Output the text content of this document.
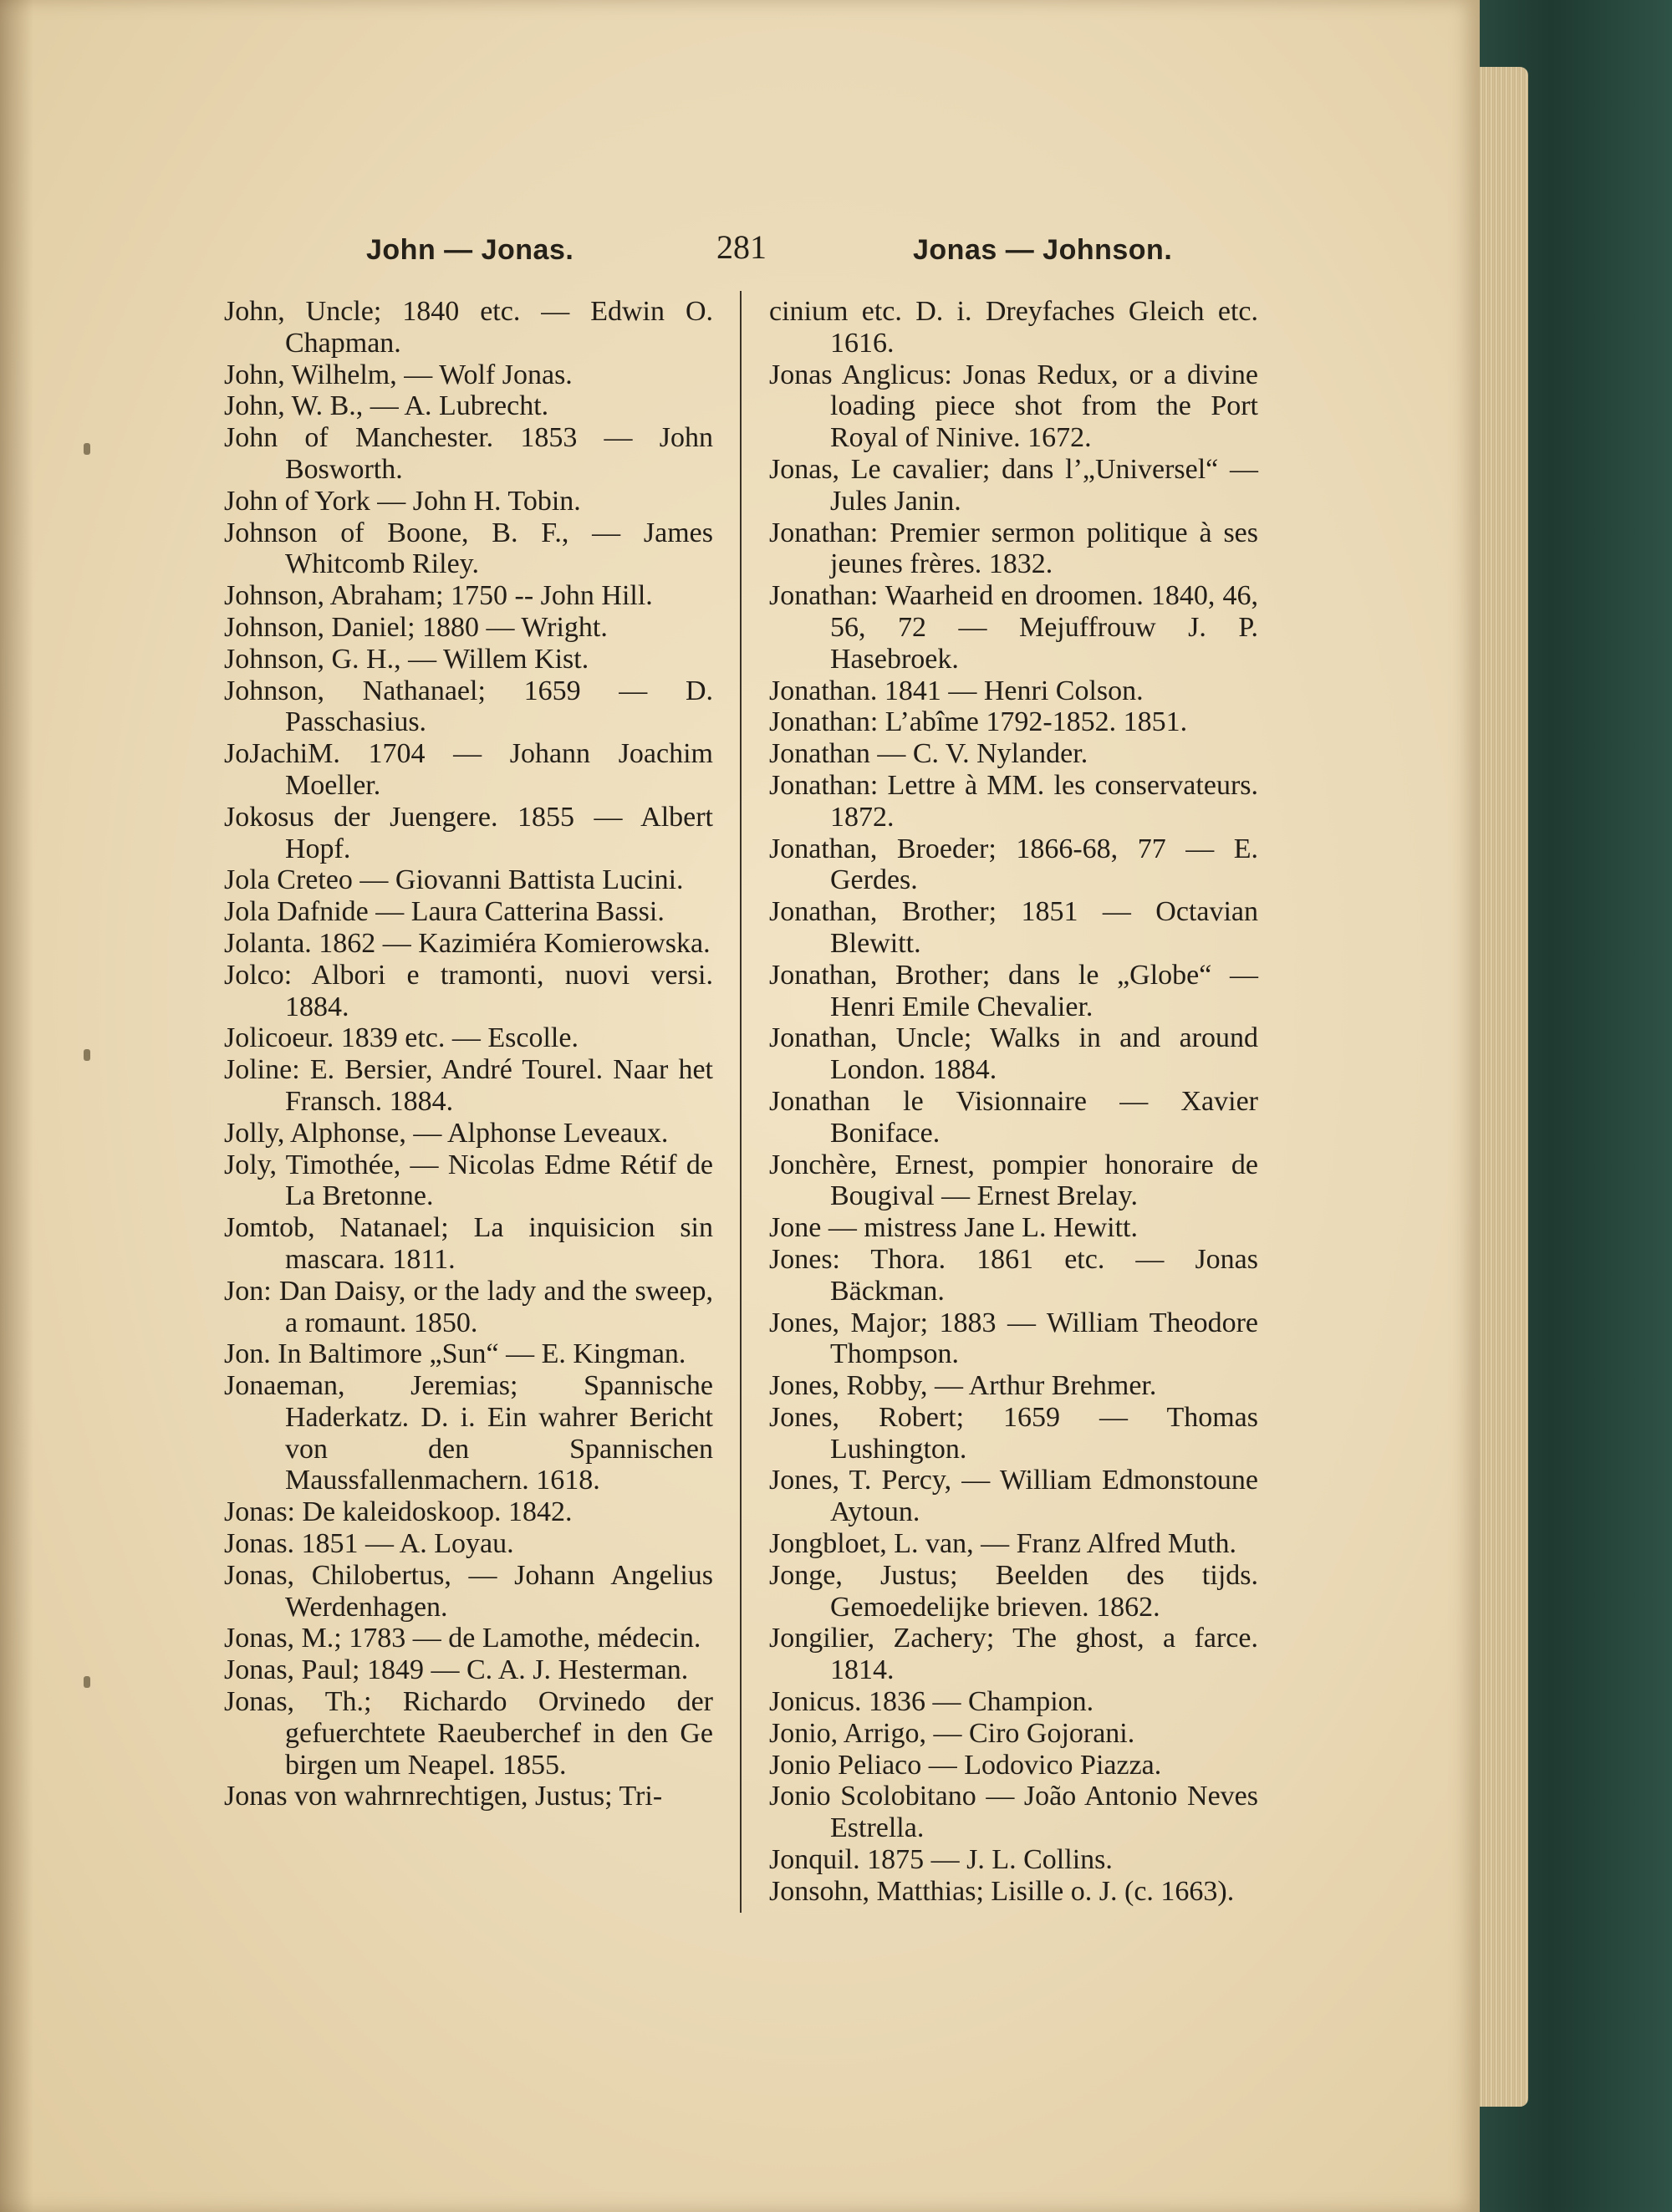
John — Jonas.	281	Jonas — Johnson.
John, Uncle; 1840 etc. — Edwin O. Chapman.
John, Wilhelm, — Wolf Jonas.
John, W. B., — A. Lubrecht.
John of Manchester. 1853 — John Bosworth.
John of York — John H. Tobin.
Johnson of Boone, B. F., — James Whitcomb Riley.
Johnson, Abraham; 1750 -- John Hill.
Johnson, Daniel; 1880 — Wright.
Johnson, G. H., — Willem Kist.
Johnson, Nathanael; 1659 — D. Passchasius.
JoJachiM. 1704 — Johann Joachim Moeller.
Jokosus der Juengere. 1855 — Albert Hopf.
Jola Creteo — Giovanni Battista Lucini.
Jola Dafnide — Laura Catterina Bassi.
Jolanta. 1862 — Kazimiéra Komierowska.
Jolco: Albori e tramonti, nuovi versi. 1884.
Jolicoeur. 1839 etc. — Escolle.
Joline: E. Bersier, André Tourel. Naar het Fransch. 1884.
Jolly, Alphonse, — Alphonse Leveaux.
Joly, Timothée, — Nicolas Edme Rétif de La Bretonne.
Jomtob, Natanael; La inquisicion sin mascara. 1811.
Jon: Dan Daisy, or the lady and the sweep, a romaunt. 1850.
Jon. In Baltimore „Sun“ — E. Kingman.
Jonaeman, Jeremias; Spannische Haderkatz. D. i. Ein wahrer Bericht von den Spannischen Maussfallenmachern. 1618.
Jonas: De kaleidoskoop. 1842.
Jonas. 1851 — A. Loyau.
Jonas, Chilobertus, — Johann Angelius Werdenhagen.
Jonas, M.; 1783 — de Lamothe, médecin.
Jonas, Paul; 1849 — C. A. J. Hesterman.
Jonas, Th.; Richardo Orvinedo der gefuerchtete Raeuberchef in den Ge birgen um Neapel. 1855.
Jonas von wahrnrechtigen, Justus; Tri-
cinium etc. D. i. Dreyfaches Gleich etc. 1616.
Jonas Anglicus: Jonas Redux, or a divine loading piece shot from the Port Royal of Ninive. 1672.
Jonas, Le cavalier; dans l’„Universel“ — Jules Janin.
Jonathan: Premier sermon politique à ses jeunes frères. 1832.
Jonathan: Waarheid en droomen. 1840, 46, 56, 72 — Mejuffrouw J. P. Hasebroek.
Jonathan. 1841 — Henri Colson.
Jonathan: L’abîme 1792-1852. 1851.
Jonathan — C. V. Nylander.
Jonathan: Lettre à MM. les conservateurs. 1872.
Jonathan, Broeder; 1866-68, 77 — E. Gerdes.
Jonathan, Brother; 1851 — Octavian Blewitt.
Jonathan, Brother; dans le „Globe“ — Henri Emile Chevalier.
Jonathan, Uncle; Walks in and around London. 1884.
Jonathan le Visionnaire — Xavier Boniface.
Jonchère, Ernest, pompier honoraire de Bougival — Ernest Brelay.
Jone — mistress Jane L. Hewitt.
Jones: Thora. 1861 etc. — Jonas Bäckman.
Jones, Major; 1883 — William Theodore Thompson.
Jones, Robby, — Arthur Brehmer.
Jones, Robert; 1659 — Thomas Lushington.
Jones, T. Percy, — William Edmonstoune Aytoun.
Jongbloet, L. van, — Franz Alfred Muth.
Jonge, Justus; Beelden des tijds. Gemoedelijke brieven. 1862.
Jongilier, Zachery; The ghost, a farce. 1814.
Jonicus. 1836 — Champion.
Jonio, Arrigo, — Ciro Gojorani.
Jonio Peliaco — Lodovico Piazza.
Jonio Scolobitano — João Antonio Neves Estrella.
Jonquil. 1875 — J. L. Collins.
Jonsohn, Matthias; Lisille o. J. (c. 1663).
